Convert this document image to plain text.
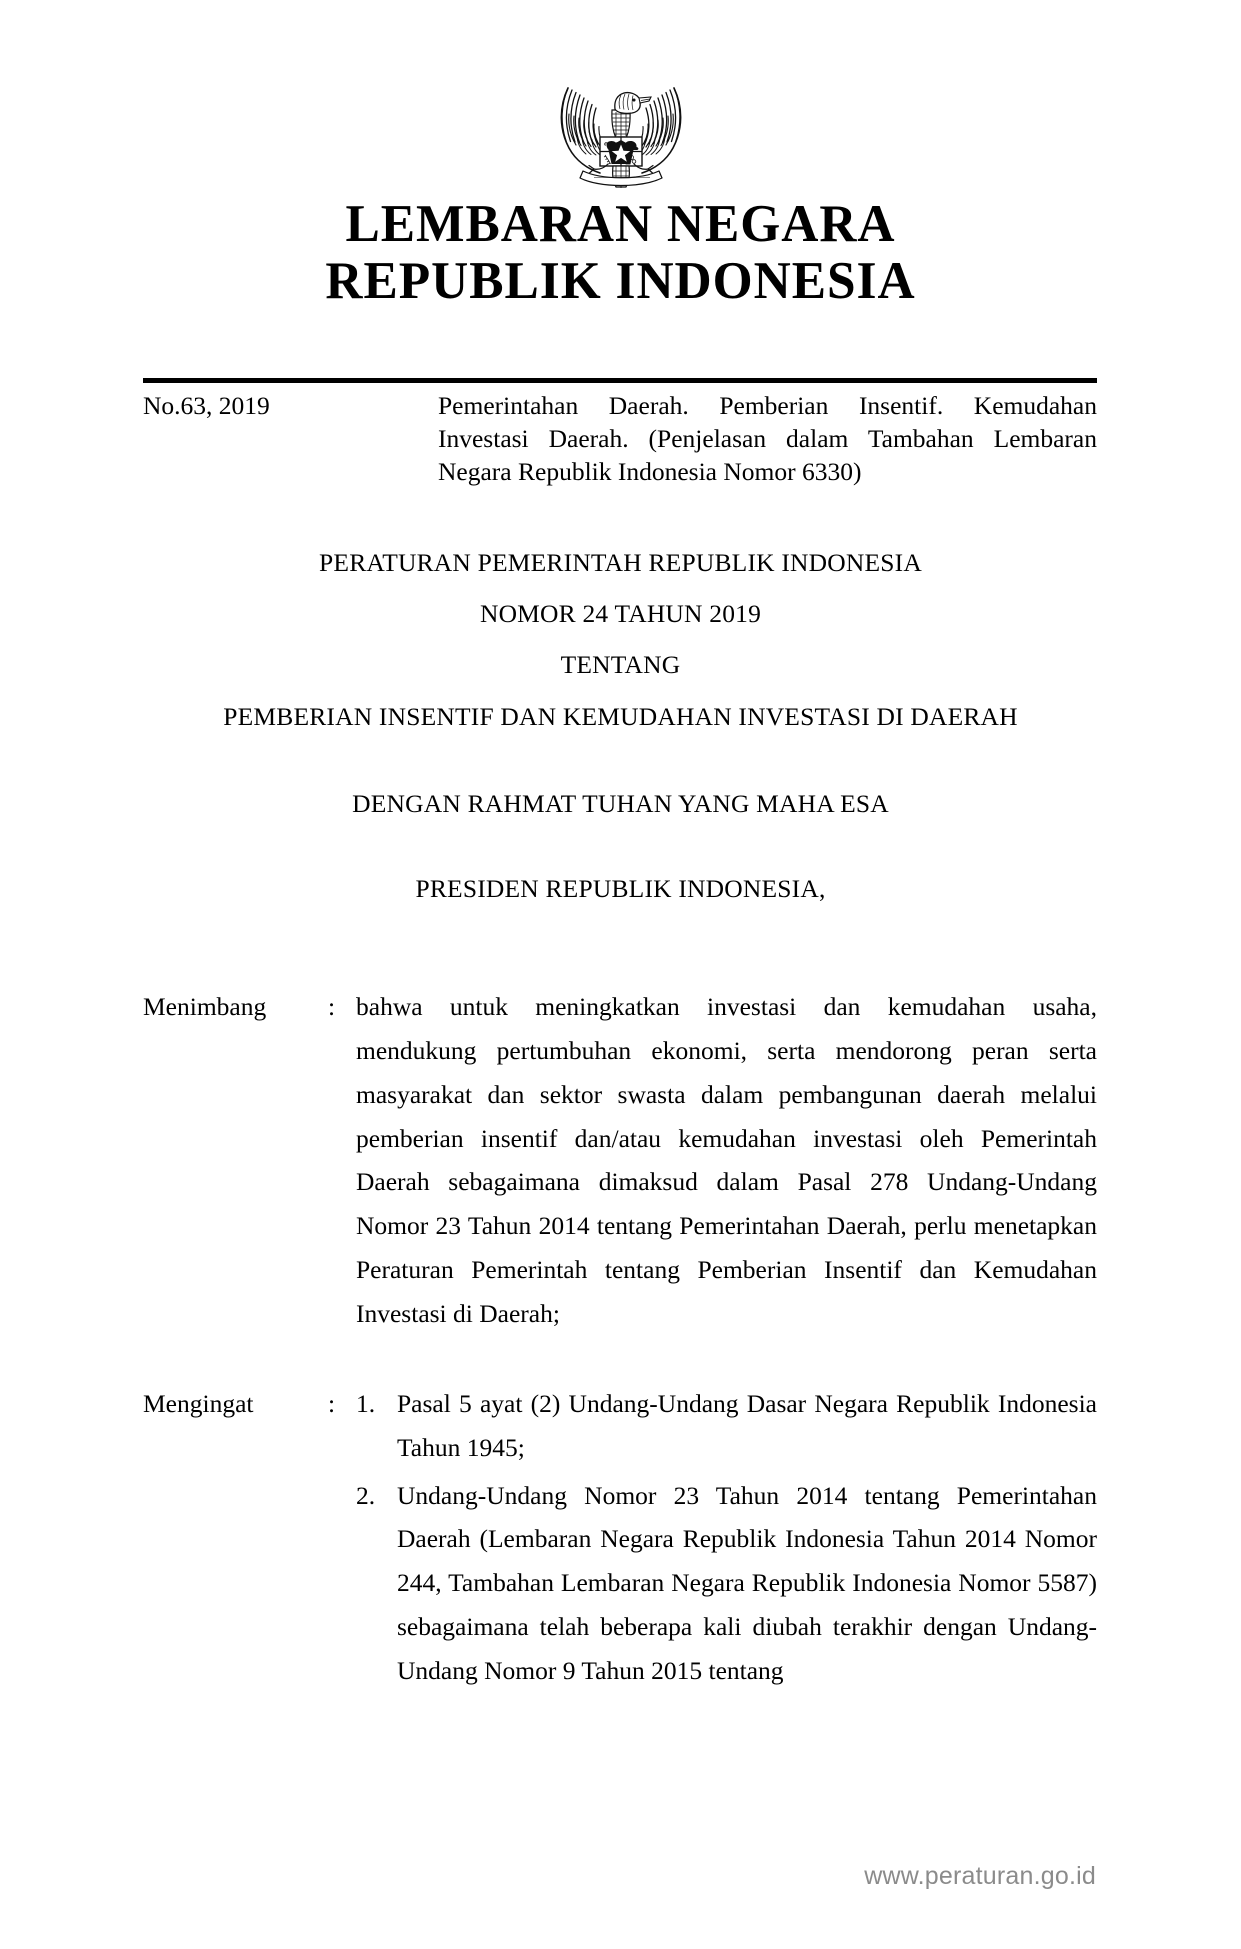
LEMBARAN NEGARA
REPUBLIK INDONESIA
No.63, 2019	Pemerintahan Daerah. Pemberian Insentif. Kemudahan Investasi Daerah. (Penjelasan dalam Tambahan Lembaran Negara Republik Indonesia Nomor 6330)

PERATURAN PEMERINTAH REPUBLIK INDONESIA
NOMOR 24 TAHUN 2019
TENTANG
PEMBERIAN INSENTIF DAN KEMUDAHAN INVESTASI DI DAERAH
DENGAN RAHMAT TUHAN YANG MAHA ESA
PRESIDEN REPUBLIK INDONESIA,
Menimbang	: bahwa untuk meningkatkan investasi dan kemudahan usaha, mendukung pertumbuhan ekonomi, serta mendorong peran serta masyarakat dan sektor swasta dalam pembangunan daerah melalui pemberian insentif dan/atau kemudahan investasi oleh Pemerintah Daerah sebagaimana dimaksud dalam Pasal 278 Undang-Undang Nomor 23 Tahun 2014 tentang Pemerintahan Daerah, perlu menetapkan Peraturan Pemerintah tentang Pemberian Insentif dan Kemudahan Investasi di Daerah;

Mengingat	: 1. Pasal 5 ayat (2) Undang-Undang Dasar Negara Republik Indonesia Tahun 1945;
2. Undang-Undang Nomor 23 Tahun 2014 tentang Pemerintahan Daerah (Lembaran Negara Republik Indonesia Tahun 2014 Nomor 244, Tambahan Lembaran Negara Republik Indonesia Nomor 5587) sebagaimana telah beberapa kali diubah terakhir dengan Undang-Undang Nomor 9 Tahun 2015 tentang
www.peraturan.go.id
